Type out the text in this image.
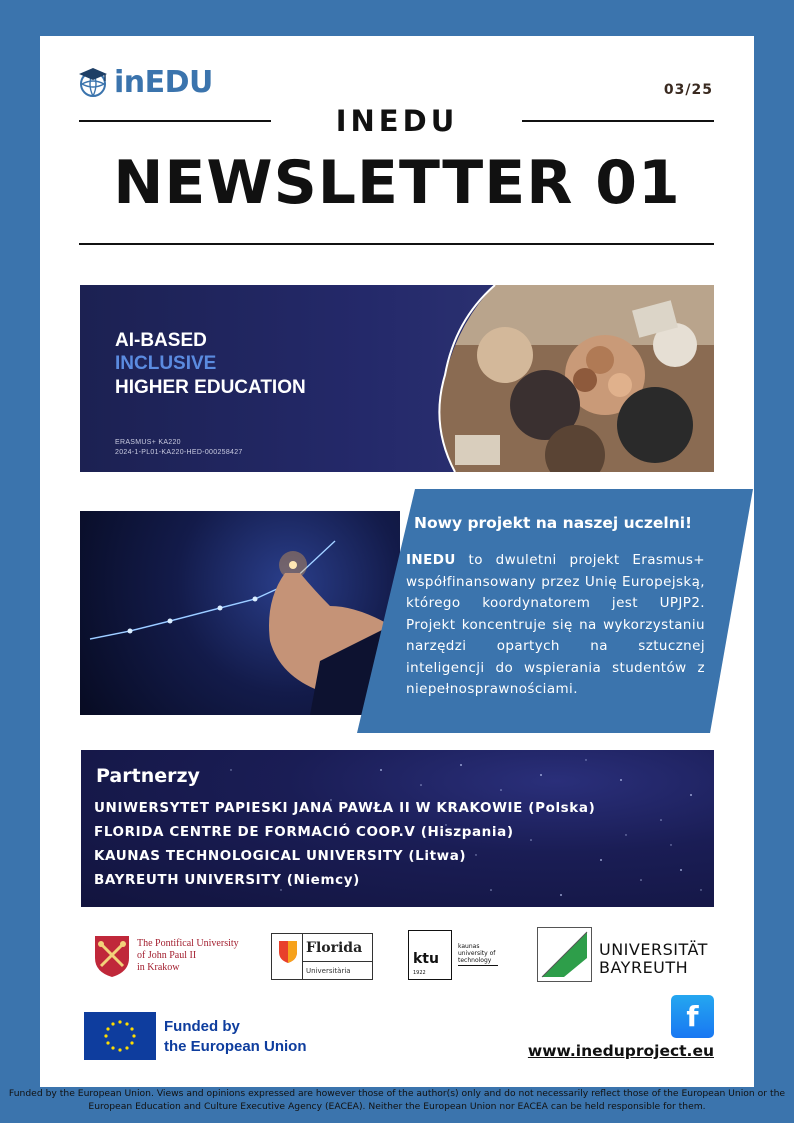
inEDU	03/25
INEDU
NEWSLETTER 01
AI-BASED
INCLUSIVE
HIGHER EDUCATION
ERASMUS+ KA220
2024-1-PL01-KA220-HED-000258427
Nowy projekt na naszej uczelni!
INEDU to dwuletni projekt Erasmus+ współfinansowany przez Unię Europejską, którego koordynatorem jest UPJP2. Projekt koncentruje się na wykorzystaniu narzędzi opartych na sztucznej inteligencji do wspierania studentów z niepełnosprawnościami.
Partnerzy
UNIWERSYTET PAPIESKI JANA PAWŁA II W KRAKOWIE (Polska)
FLORIDA CENTRE DE FORMACIÓ COOP.V (Hiszpania)
KAUNAS TECHNOLOGICAL UNIVERSITY (Litwa)
BAYREUTH UNIVERSITY (Niemcy)
The Pontifical University
of John Paul II
in Krakow
Florida
Universitària
ktu
1922
kaunas
university of
technology
UNIVERSITÄT
BAYREUTH
Funded by
the European Union
f
www.ineduproject.eu
Funded by the European Union. Views and opinions expressed are however those of the author(s) only and do not necessarily reflect those of the European Union or the European Education and Culture Executive Agency (EACEA). Neither the European Union nor EACEA can be held responsible for them.
